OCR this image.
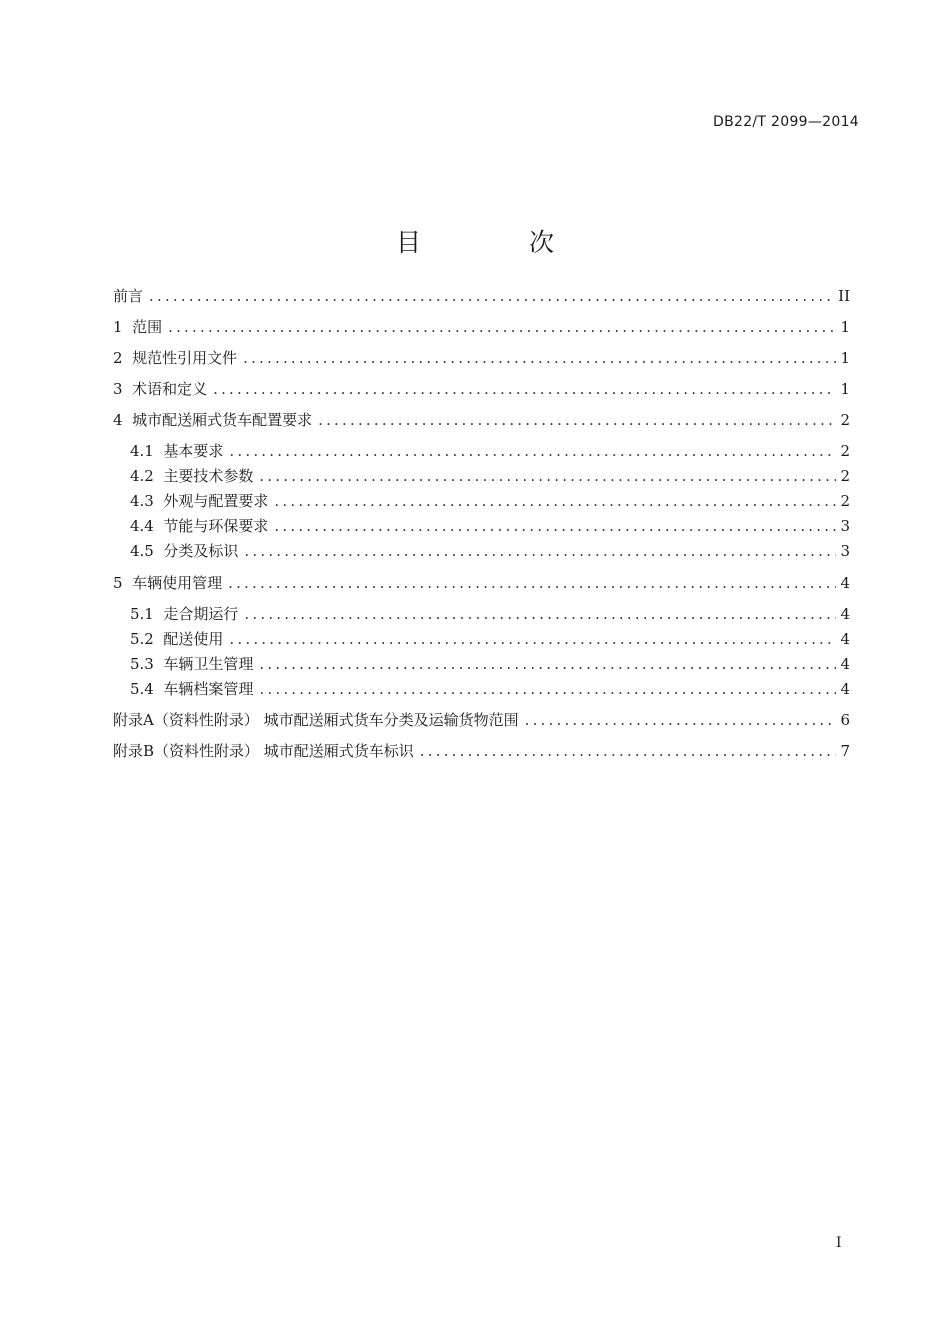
DB22/T 2099—2014
目 次
前言 .....	II
1 范围 .....	1
2 规范性引用文件 .....	1
3 术语和定义 .....	1
4 城市配送厢式货车配置要求 .....	2
4.1 基本要求 .....	2
4.2 主要技术参数 .....	2
4.3 外观与配置要求 .....	2
4.4 节能与环保要求 .....	3
4.5 分类及标识 .....	3
5 车辆使用管理 .....	4
5.1 走合期运行 .....	4
5.2 配送使用 .....	4
5.3 车辆卫生管理 .....	4
5.4 车辆档案管理 .....	4
附录A（资料性附录） 城市配送厢式货车分类及运输货物范围 .....	6
附录B（资料性附录） 城市配送厢式货车标识 .....	7
I
